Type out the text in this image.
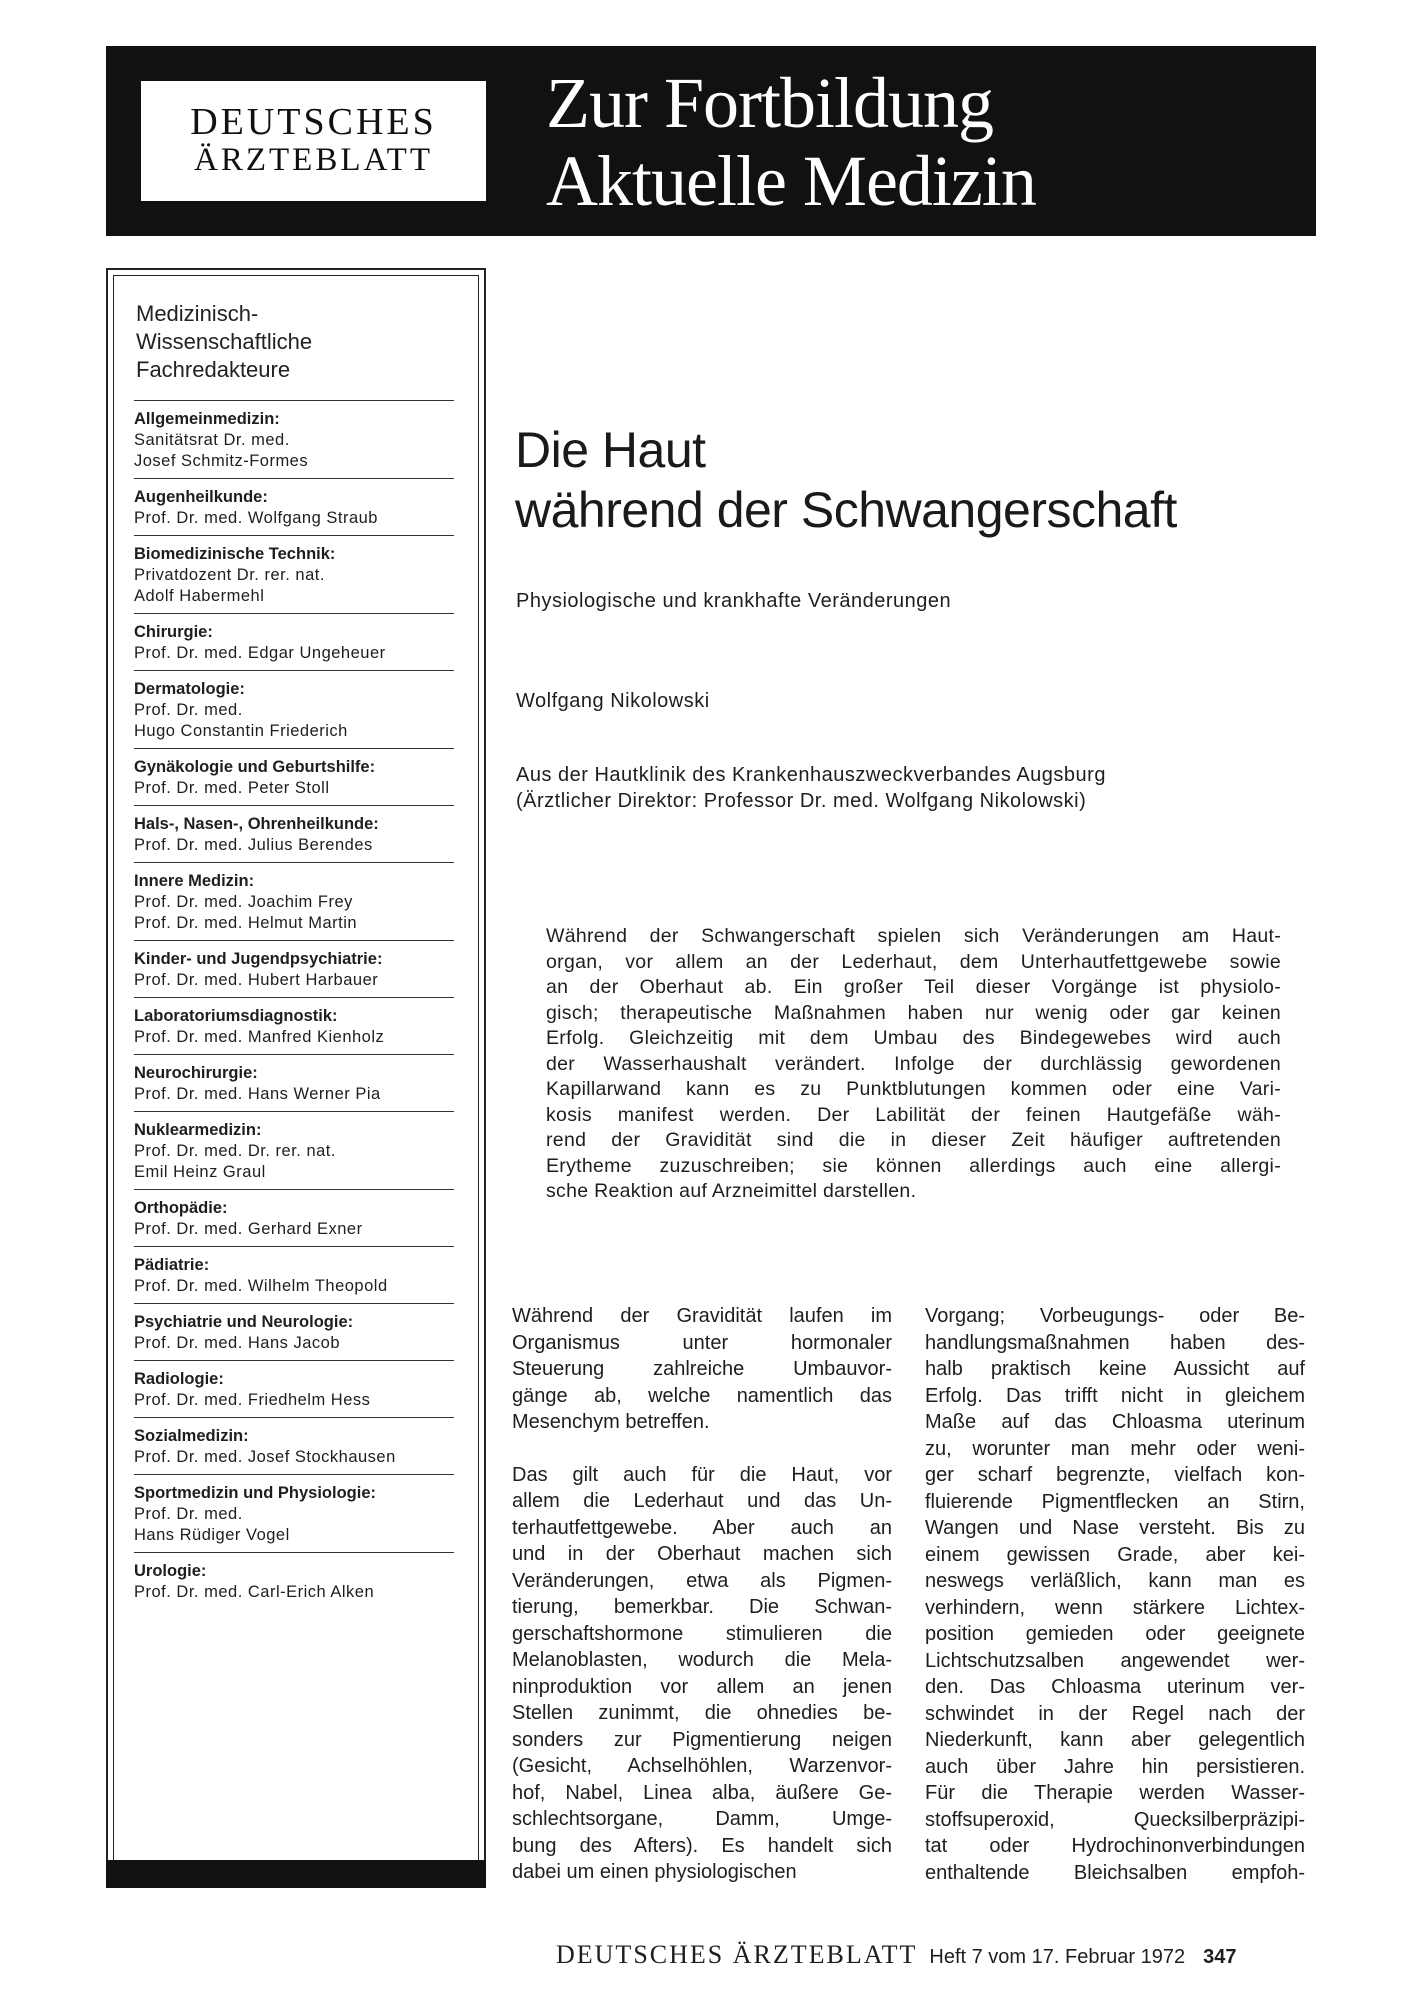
DEUTSCHES
ÄRZTEBLATT
Zur Fortbildung
Aktuelle Medizin
Medizinisch-
Wissenschaftliche
Fachredakteure
Allgemeinmedizin:
Sanitätsrat Dr. med.
Josef Schmitz-Formes
Augenheilkunde:
Prof. Dr. med. Wolfgang Straub
Biomedizinische Technik:
Privatdozent Dr. rer. nat.
Adolf Habermehl
Chirurgie:
Prof. Dr. med. Edgar Ungeheuer
Dermatologie:
Prof. Dr. med.
Hugo Constantin Friederich
Gynäkologie und Geburtshilfe:
Prof. Dr. med. Peter Stoll
Hals-, Nasen-, Ohrenheilkunde:
Prof. Dr. med. Julius Berendes
Innere Medizin:
Prof. Dr. med. Joachim Frey
Prof. Dr. med. Helmut Martin
Kinder- und Jugendpsychiatrie:
Prof. Dr. med. Hubert Harbauer
Laboratoriumsdiagnostik:
Prof. Dr. med. Manfred Kienholz
Neurochirurgie:
Prof. Dr. med. Hans Werner Pia
Nuklearmedizin:
Prof. Dr. med. Dr. rer. nat.
Emil Heinz Graul
Orthopädie:
Prof. Dr. med. Gerhard Exner
Pädiatrie:
Prof. Dr. med. Wilhelm Theopold
Psychiatrie und Neurologie:
Prof. Dr. med. Hans Jacob
Radiologie:
Prof. Dr. med. Friedhelm Hess
Sozialmedizin:
Prof. Dr. med. Josef Stockhausen
Sportmedizin und Physiologie:
Prof. Dr. med.
Hans Rüdiger Vogel
Urologie:
Prof. Dr. med. Carl-Erich Alken
Die Haut
während der Schwangerschaft
Physiologische und krankhafte Veränderungen
Wolfgang Nikolowski
Aus der Hautklinik des Krankenhauszweckverbandes Augsburg
(Ärztlicher Direktor: Professor Dr. med. Wolfgang Nikolowski)
Während der Schwangerschaft spielen sich Veränderungen am Haut-
organ, vor allem an der Lederhaut, dem Unterhautfettgewebe sowie
an der Oberhaut ab. Ein großer Teil dieser Vorgänge ist physiolo-
gisch; therapeutische Maßnahmen haben nur wenig oder gar keinen
Erfolg. Gleichzeitig mit dem Umbau des Bindegewebes wird auch
der Wasserhaushalt verändert. Infolge der durchlässig gewordenen
Kapillarwand kann es zu Punktblutungen kommen oder eine Vari-
kosis manifest werden. Der Labilität der feinen Hautgefäße wäh-
rend der Gravidität sind die in dieser Zeit häufiger auftretenden
Erytheme zuzuschreiben; sie können allerdings auch eine allergi-
sche Reaktion auf Arzneimittel darstellen.

Während der Gravidität laufen im
Organismus unter hormonaler
Steuerung zahlreiche Umbauvor-
gänge ab, welche namentlich das
Mesenchym betreffen.

Das gilt auch für die Haut, vor
allem die Lederhaut und das Un-
terhautfettgewebe. Aber auch an
und in der Oberhaut machen sich
Veränderungen, etwa als Pigmen-
tierung, bemerkbar. Die Schwan-
gerschaftshormone stimulieren die
Melanoblasten, wodurch die Mela-
ninproduktion vor allem an jenen
Stellen zunimmt, die ohnedies be-
sonders zur Pigmentierung neigen
(Gesicht, Achselhöhlen, Warzenvor-
hof, Nabel, Linea alba, äußere Ge-
schlechtsorgane, Damm, Umge-
bung des Afters). Es handelt sich
dabei um einen physiologischen

Vorgang; Vorbeugungs- oder Be-
handlungsmaßnahmen haben des-
halb praktisch keine Aussicht auf
Erfolg. Das trifft nicht in gleichem
Maße auf das Chloasma uterinum
zu, worunter man mehr oder weni-
ger scharf begrenzte, vielfach kon-
fluierende Pigmentflecken an Stirn,
Wangen und Nase versteht. Bis zu
einem gewissen Grade, aber kei-
neswegs verläßlich, kann man es
verhindern, wenn stärkere Lichtex-
position gemieden oder geeignete
Lichtschutzsalben angewendet wer-
den. Das Chloasma uterinum ver-
schwindet in der Regel nach der
Niederkunft, kann aber gelegentlich
auch über Jahre hin persistieren.
Für die Therapie werden Wasser-
stoffsuperoxid, Quecksilberpräzipi-
tat oder Hydrochinonverbindungen
enthaltende Bleichsalben empfoh-

DEUTSCHES ÄRZTEBLATT Heft 7 vom 17. Februar 1972 347
